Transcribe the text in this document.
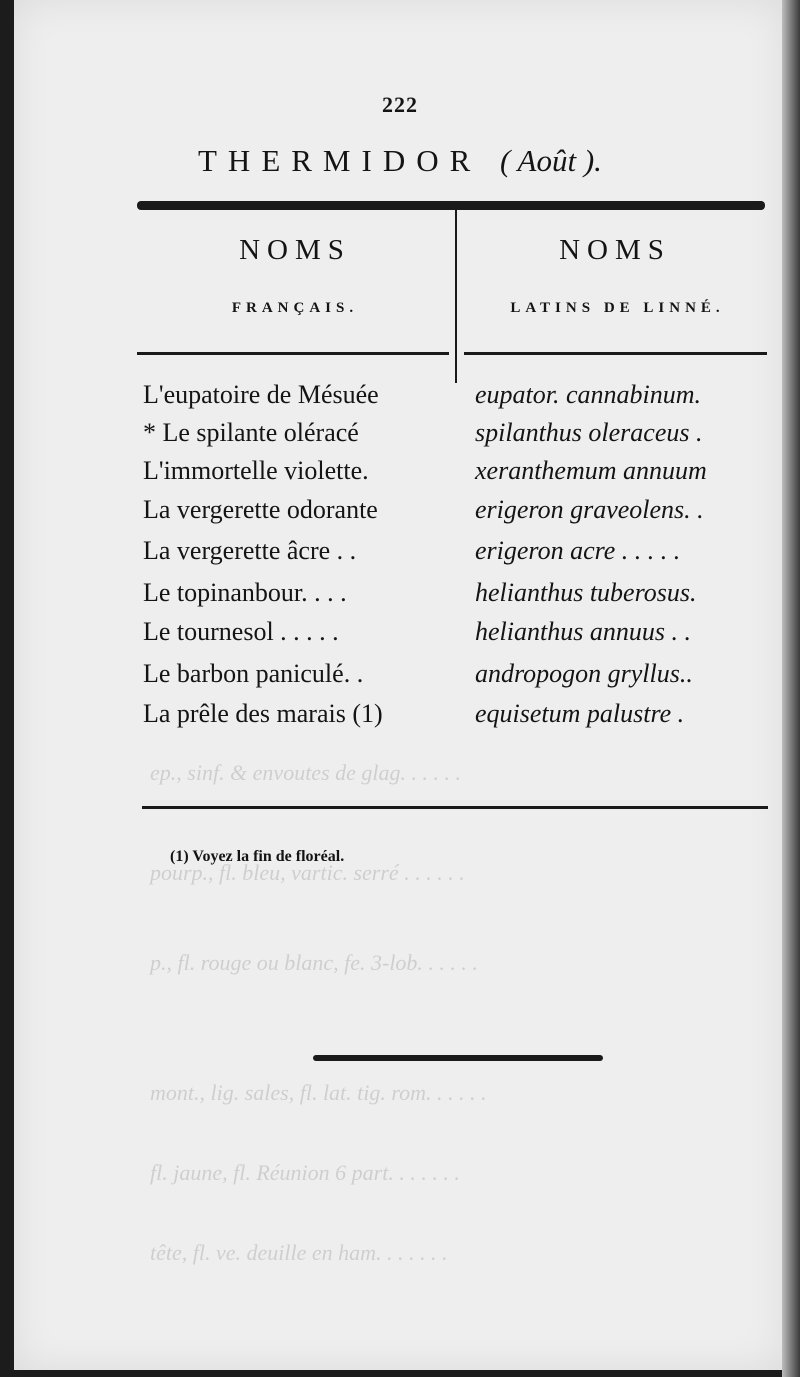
ep., sinf. & envoutes de glag. . . . . .
pourp., fl. bleu, vartic. serré . . . . . .
p., fl. rouge ou blanc, fe. 3-lob. . . . . .
mont., lig. sales, fl. lat. tig. rom. . . . . .
fl. jaune, fl. Réunion 6 part. . . . . . .
tête, fl. ve. deuille en ham. . . . . . .
222
THERMIDOR ( Août ).
NOMS
FRANÇAIS.
NOMS
LATINS DE LINNÉ.
L'eupatoire de Mésuée	eupator. cannabinum.
* Le spilante oléracé	spilanthus oleraceus .
L'immortelle violette.	xeranthemum annuum
La vergerette odorante	erigeron graveolens. .
La vergerette âcre . .	erigeron acre . . . . .
Le topinanbour. . . .	helianthus tuberosus.
Le tournesol . . . . .	helianthus annuus . .
Le barbon paniculé. .	andropogon gryllus..
La prêle des marais (1)	equisetum palustre .
(1) Voyez la fin de floréal.
